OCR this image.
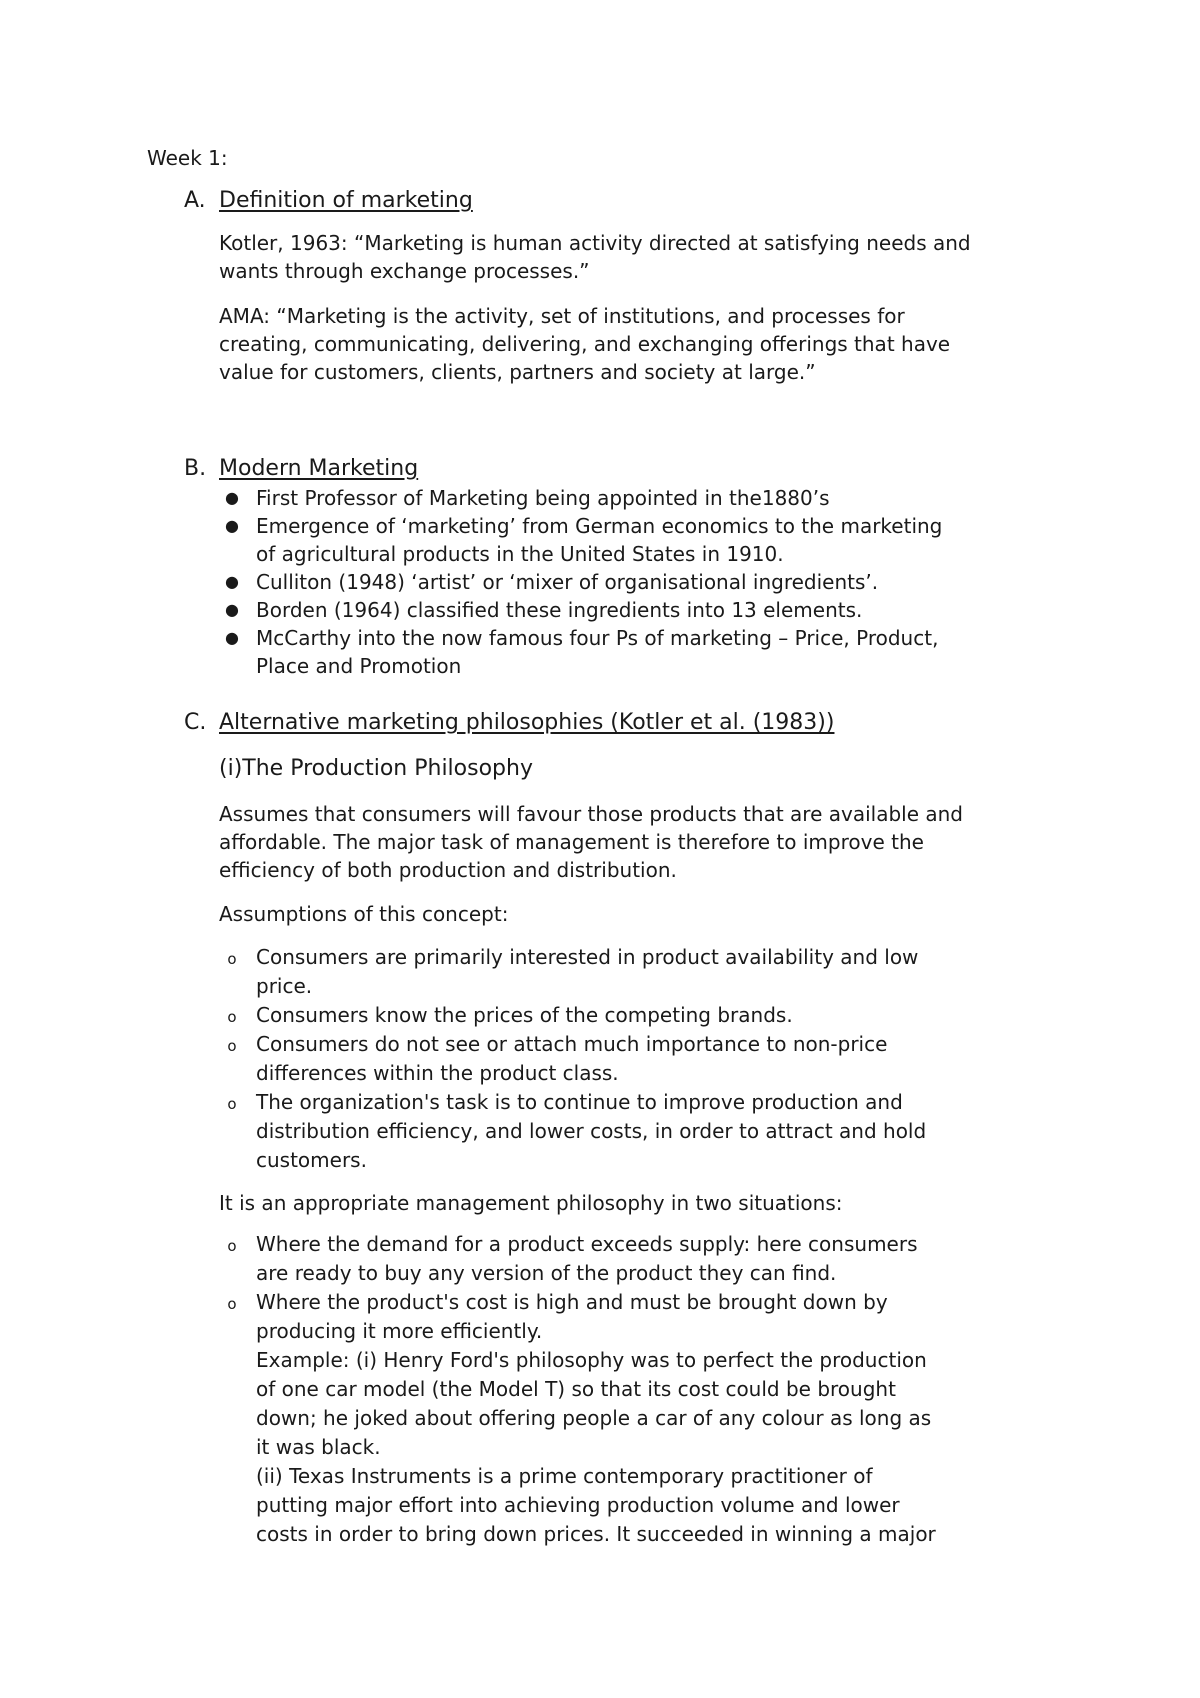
Week 1:

A. Definition of marketing

Kotler, 1963: “Marketing is human activity directed at satisfying needs and
wants through exchange processes.”

AMA: “Marketing is the activity, set of institutions, and processes for
creating, communicating, delivering, and exchanging offerings that have
value for customers, clients, partners and society at large.”

B. Modern Marketing
● First Professor of Marketing being appointed in the1880’s
● Emergence of ‘marketing’ from German economics to the marketing
of agricultural products in the United States in 1910.
● Culliton (1948) ‘artist’ or ‘mixer of organisational ingredients’.
● Borden (1964) classified these ingredients into 13 elements.
● McCarthy into the now famous four Ps of marketing – Price, Product,
Place and Promotion
C. Alternative marketing philosophies (Kotler et al. (1983))
(i)The Production Philosophy

Assumes that consumers will favour those products that are available and
affordable. The major task of management is therefore to improve the
efficiency of both production and distribution.

Assumptions of this concept:

o Consumers are primarily interested in product availability and low
price.
o Consumers know the prices of the competing brands.
o Consumers do not see or attach much importance to non-price
differences within the product class.
o The organization's task is to continue to improve production and
distribution efficiency, and lower costs, in order to attract and hold
customers.

It is an appropriate management philosophy in two situations:

o Where the demand for a product exceeds supply: here consumers
are ready to buy any version of the product they can find.
o Where the product's cost is high and must be brought down by
producing it more efficiently.
Example: (i) Henry Ford's philosophy was to perfect the production
of one car model (the Model T) so that its cost could be brought
down; he joked about offering people a car of any colour as long as
it was black.
(ii) Texas Instruments is a prime contemporary practitioner of
putting major effort into achieving production volume and lower
costs in order to bring down prices. It succeeded in winning a major
